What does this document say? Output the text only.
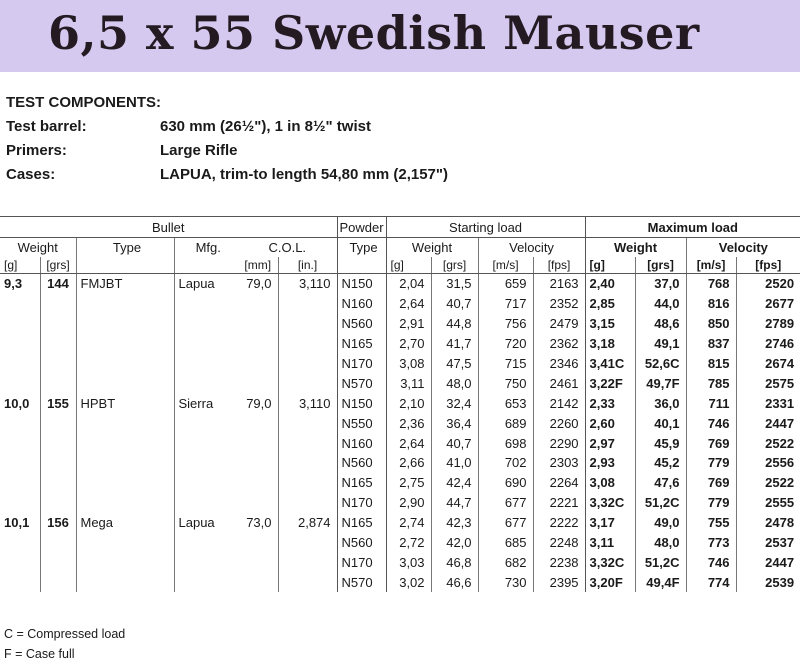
6,5 x 55 Swedish Mauser
TEST COMPONENTS:
Test barrel:	630 mm (26½"), 1 in 8½" twist
Primers:	Large Rifle
Cases:	LAPUA, trim-to length 54,80 mm (2,157")
Bullet						Powder	Starting load				Maximum load			
Weight		Type	Mfg.	C.O.L.		Type	Weight		Velocity		Weight		Velocity	
[g]	[grs]			[mm]	[in.]		[g]	[grs]	[m/s]	[fps]	[g]	[grs]	[m/s]	[fps]
9,3	144	FMJBT	Lapua	79,0	3,110	N150	2,04	31,5	659	2163	2,40	37,0	768	2520
						N160	2,64	40,7	717	2352	2,85	44,0	816	2677
						N560	2,91	44,8	756	2479	3,15	48,6	850	2789
						N165	2,70	41,7	720	2362	3,18	49,1	837	2746
						N170	3,08	47,5	715	2346	3,41C	52,6C	815	2674
						N570	3,11	48,0	750	2461	3,22F	49,7F	785	2575
10,0	155	HPBT	Sierra	79,0	3,110	N150	2,10	32,4	653	2142	2,33	36,0	711	2331
						N550	2,36	36,4	689	2260	2,60	40,1	746	2447
						N160	2,64	40,7	698	2290	2,97	45,9	769	2522
						N560	2,66	41,0	702	2303	2,93	45,2	779	2556
						N165	2,75	42,4	690	2264	3,08	47,6	769	2522
						N170	2,90	44,7	677	2221	3,32C	51,2C	779	2555
10,1	156	Mega	Lapua	73,0	2,874	N165	2,74	42,3	677	2222	3,17	49,0	755	2478
						N560	2,72	42,0	685	2248	3,11	48,0	773	2537
						N170	3,03	46,8	682	2238	3,32C	51,2C	746	2447
						N570	3,02	46,6	730	2395	3,20F	49,4F	774	2539
C = Compressed load
F = Case full
